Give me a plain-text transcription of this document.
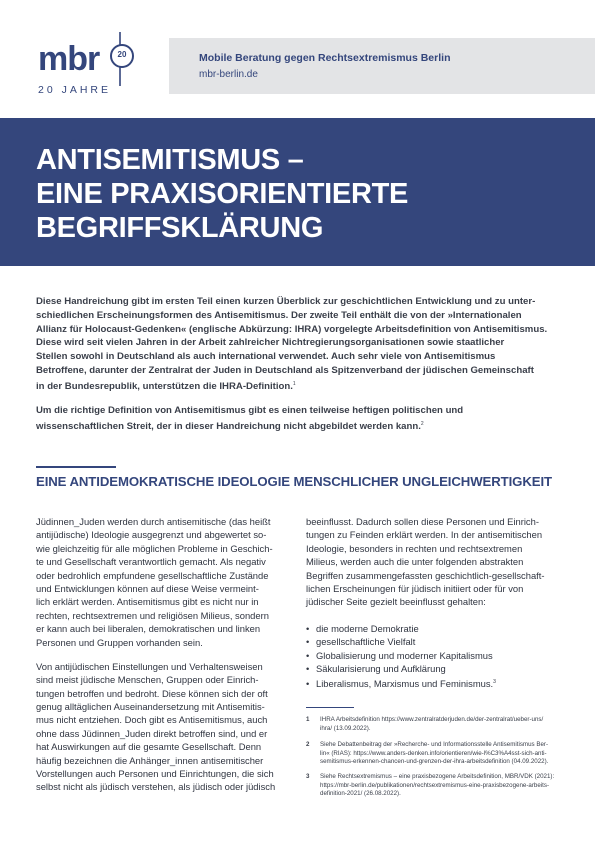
mbr	20
20 JAHRE
Mobile Beratung gegen Rechtsextremismus Berlin
mbr-berlin.de
ANTISEMITISMUS –
EINE PRAXISORIENTIERTE
BEGRIFFSKLÄRUNG
Diese Handreichung gibt im ersten Teil einen kurzen Überblick zur geschichtlichen Entwicklung und zu unter-
schiedlichen Erscheinungsformen des Antisemitismus. Der zweite Teil enthält die von der »Internationalen
Allianz für Holocaust-Gedenken« (englische Abkürzung: IHRA) vorgelegte Arbeitsdefinition von Antisemitismus.
Diese wird seit vielen Jahren in der Arbeit zahlreicher Nichtregierungsorganisationen sowie staatlicher
Stellen sowohl in Deutschland als auch international verwendet. Auch sehr viele von Antisemitismus
Betroffene, darunter der Zentralrat der Juden in Deutschland als Spitzenverband der jüdischen Gemeinschaft
in der Bundesrepublik, unterstützen die IHRA-Definition.$^1$
Um die richtige Definition von Antisemitismus gibt es einen teilweise heftigen politischen und
wissenschaftlichen Streit, der in dieser Handreichung nicht abgebildet werden kann.$^2$
EINE ANTIDEMOKRATISCHE IDEOLOGIE MENSCHLICHER UNGLEICHWERTIGKEIT
Jüdinnen_Juden werden durch antisemitische (das heißt
antijüdische) Ideologie ausgegrenzt und abgewertet so-
wie gleichzeitig für alle möglichen Probleme in Geschich-
te und Gesellschaft verantwortlich gemacht. Als negativ
oder bedrohlich empfundene gesellschaftliche Zustände
und Entwicklungen können auf diese Weise vermeint-
lich erklärt werden. Antisemitismus gibt es nicht nur in
rechten, rechtsextremen und religiösen Milieus, sondern
er kann auch bei liberalen, demokratischen und linken
Personen und Gruppen vorhanden sein.
Von antijüdischen Einstellungen und Verhaltensweisen
sind meist jüdische Menschen, Gruppen oder Einrich-
tungen betroffen und bedroht. Diese können sich der oft
genug alltäglichen Auseinandersetzung mit Antisemitis-
mus nicht entziehen. Doch gibt es Antisemitismus, auch
ohne dass Jüdinnen_Juden direkt betroffen sind, und er
hat Auswirkungen auf die gesamte Gesellschaft. Denn
häufig bezeichnen die Anhänger_innen antisemitischer
Vorstellungen auch Personen und Einrichtungen, die sich
selbst nicht als jüdisch verstehen, als jüdisch oder jüdisch
beeinflusst. Dadurch sollen diese Personen und Einrich-
tungen zu Feinden erklärt werden. In der antisemitischen
Ideologie, besonders in rechten und rechtsextremen
Milieus, werden auch die unter folgenden abstrakten
Begriffen zusammengefassten geschichtlich-gesellschaft-
lichen Erscheinungen für jüdisch initiiert oder für von
jüdischer Seite gezielt beeinflusst gehalten:
• die moderne Demokratie
• gesellschaftliche Vielfalt
• Globalisierung und moderner Kapitalismus
• Säkularisierung und Aufklärung
• Liberalismus, Marxismus und Feminismus.$^3$
1 IHRA Arbeitsdefinition https://www.zentralratderjuden.de/der-zentralrat/ueber-uns/
ihra/ (13.09.2022).
2 Siehe Debattenbeitrag der »Recherche- und Informationsstelle Antisemitismus Ber-
lin« (RIAS): https://www.anders-denken.info/orientieren/wie-l%C3%A4sst-sich-anti-
semitismus-erkennen-chancen-und-grenzen-der-ihra-arbeitsdefinition (04.09.2022).
3 Siehe Rechtsextremismus – eine praxisbezogene Arbeitsdefinition, MBR/VDK (2021):
https://mbr-berlin.de/publikationen/rechtsextremismus-eine-praxisbezogene-arbeits-
definition-2021/ (26.08.2022).
